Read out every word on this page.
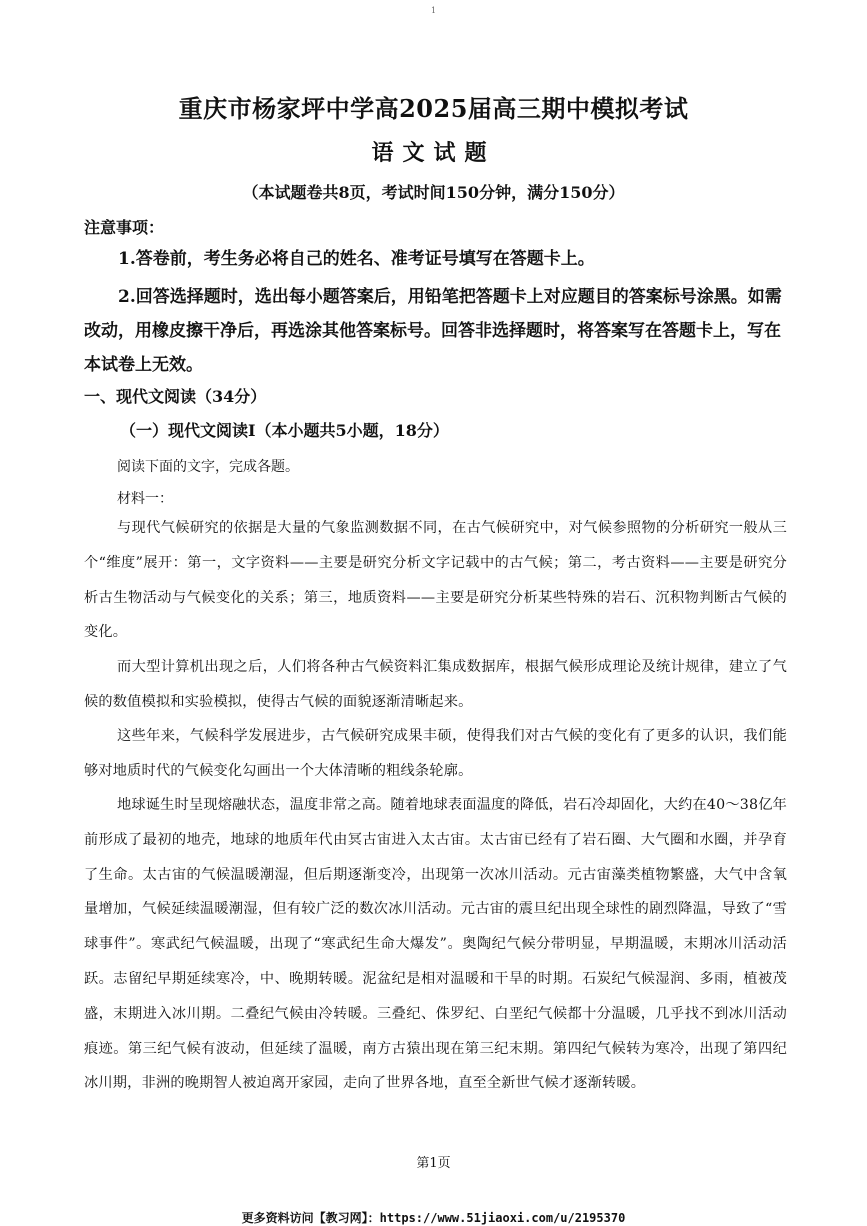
1
重庆市杨家坪中学高2025届高三期中模拟考试
语文试题
（本试题卷共8页，考试时间150分钟，满分150分）
注意事项：
1.答卷前，考生务必将自己的姓名、准考证号填写在答题卡上。
2.回答选择题时，选出每小题答案后，用铅笔把答题卡上对应题目的答案标号涂黑。如需改动，用橡皮擦干净后，再选涂其他答案标号。回答非选择题时，将答案写在答题卡上，写在本试卷上无效。
一、现代文阅读（34分）
（一）现代文阅读Ⅰ（本小题共5小题，18分）
阅读下面的文字，完成各题。
材料一：
与现代气候研究的依据是大量的气象监测数据不同，在古气候研究中，对气候参照物的分析研究一般从三个“维度”展开：第一，文字资料——主要是研究分析文字记载中的古气候；第二，考古资料——主要是研究分析古生物活动与气候变化的关系；第三，地质资料——主要是研究分析某些特殊的岩石、沉积物判断古气候的变化。
而大型计算机出现之后，人们将各种古气候资料汇集成数据库，根据气候形成理论及统计规律，建立了气候的数值模拟和实验模拟，使得古气候的面貌逐渐清晰起来。
这些年来，气候科学发展进步，古气候研究成果丰硕，使得我们对古气候的变化有了更多的认识，我们能够对地质时代的气候变化勾画出一个大体清晰的粗线条轮廓。
地球诞生时呈现熔融状态，温度非常之高。随着地球表面温度的降低，岩石冷却固化，大约在40～38亿年前形成了最初的地壳，地球的地质年代由冥古宙进入太古宙。太古宙已经有了岩石圈、大气圈和水圈，并孕育了生命。太古宙的气候温暖潮湿，但后期逐渐变冷，出现第一次冰川活动。元古宙藻类植物繁盛，大气中含氧量增加，气候延续温暖潮湿，但有较广泛的数次冰川活动。元古宙的震旦纪出现全球性的剧烈降温，导致了“雪球事件”。寒武纪气候温暖，出现了“寒武纪生命大爆发”。奥陶纪气候分带明显，早期温暖，末期冰川活动活跃。志留纪早期延续寒冷，中、晚期转暖。泥盆纪是相对温暖和干旱的时期。石炭纪气候湿润、多雨，植被茂盛，末期进入冰川期。二叠纪气候由冷转暖。三叠纪、侏罗纪、白垩纪气候都十分温暖，几乎找不到冰川活动痕迹。第三纪气候有波动，但延续了温暖，南方古猿出现在第三纪末期。第四纪气候转为寒冷，出现了第四纪冰川期，非洲的晚期智人被迫离开家园，走向了世界各地，直至全新世气候才逐渐转暖。
第1页
更多资料访问【教习网】：https://www.51jiaoxi.com/u/2195370
